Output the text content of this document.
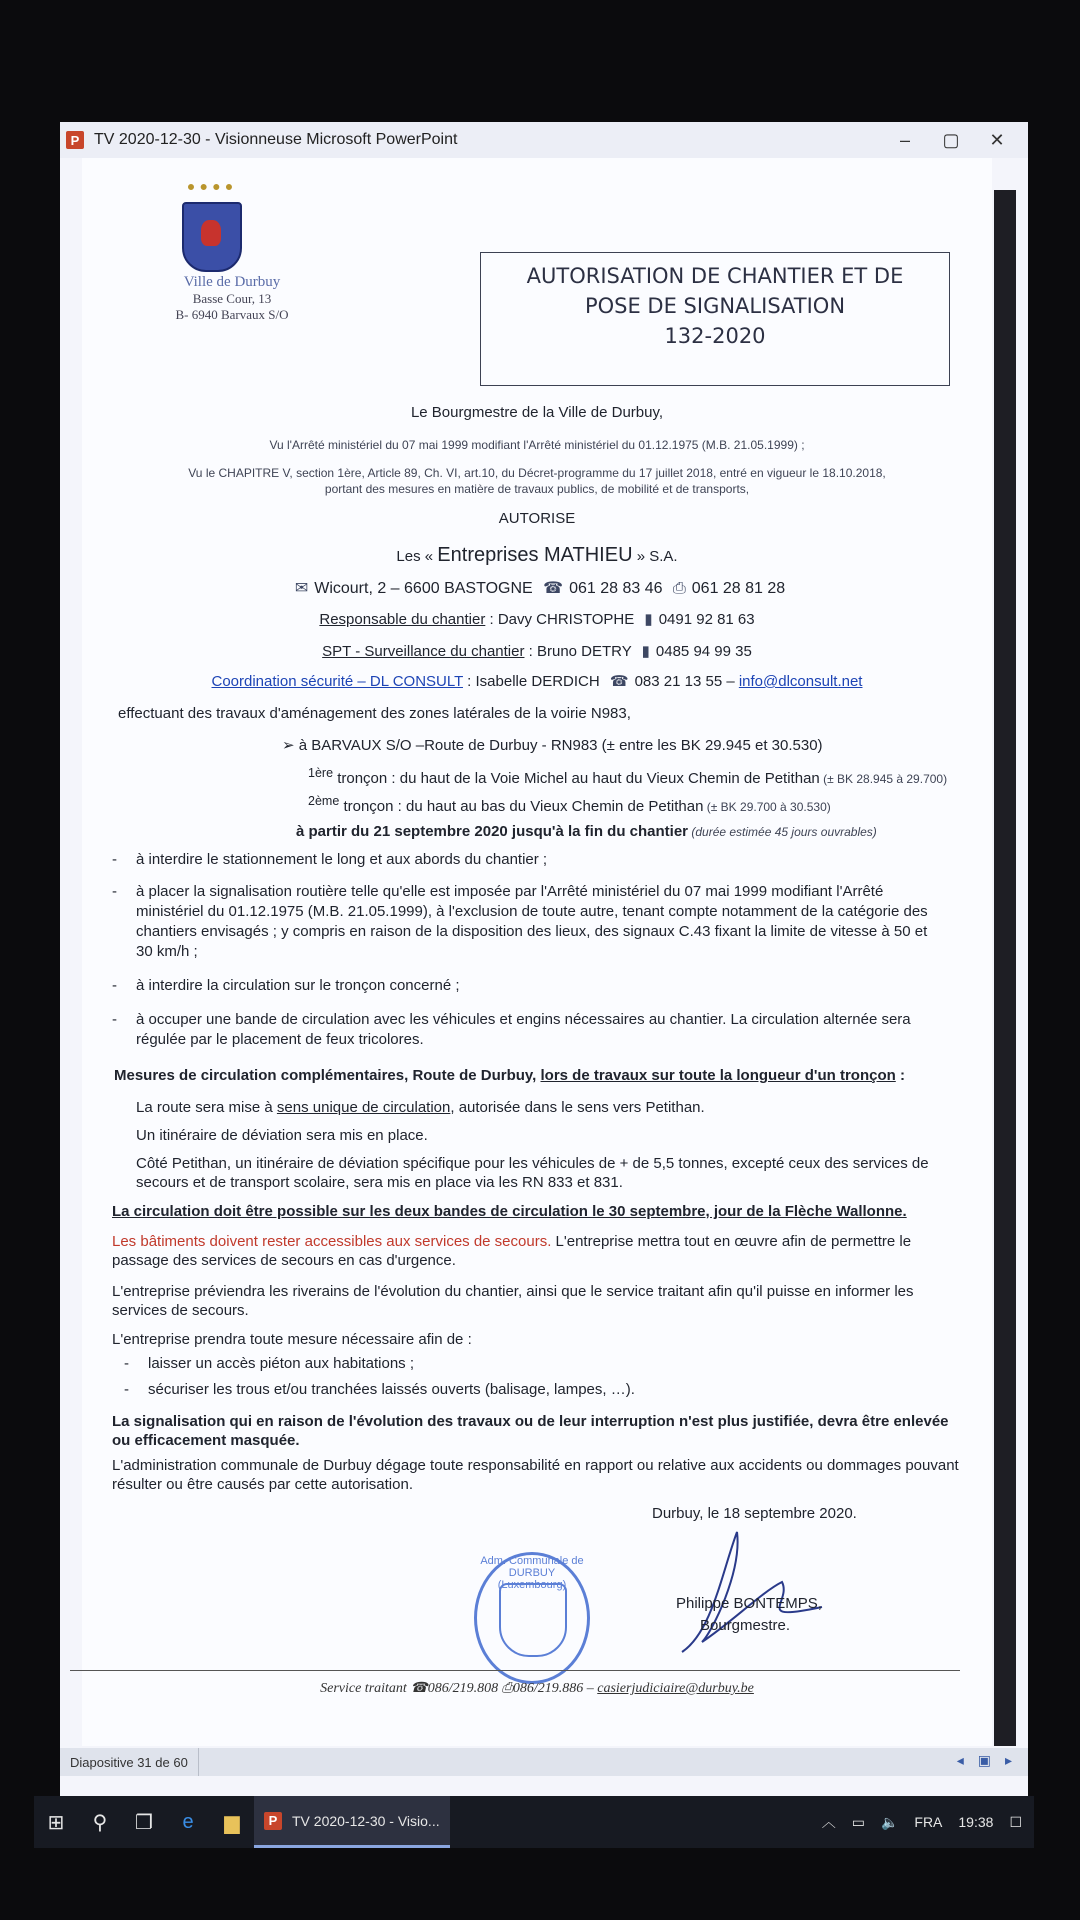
P TV 2020-12-30 - Visionneuse Microsoft PowerPoint	–	▢	✕
Ville de Durbuy
Basse Cour, 13
B- 6940 Barvaux S/O
AUTORISATION DE CHANTIER ET DE
POSE DE SIGNALISATION
132-2020
Le Bourgmestre de la Ville de Durbuy,
Vu l'Arrêté ministériel du 07 mai 1999 modifiant l'Arrêté ministériel du 01.12.1975 (M.B. 21.05.1999) ;
Vu le CHAPITRE V, section 1ère, Article 89, Ch. VI, art.10, du Décret-programme du 17 juillet 2018, entré en vigueur le 18.10.2018,
portant des mesures en matière de travaux publics, de mobilité et de transports,
AUTORISE
Les « Entreprises MATHIEU » S.A.
✉ Wicourt, 2 – 6600 BASTOGNE ☎ 061 28 83 46 ⎙ 061 28 81 28
Responsable du chantier : Davy CHRISTOPHE ▮ 0491 92 81 63
SPT - Surveillance du chantier : Bruno DETRY ▮ 0485 94 99 35
Coordination sécurité – DL CONSULT : Isabelle DERDICH ☎ 083 21 13 55 – info@dlconsult.net
effectuant des travaux d'aménagement des zones latérales de la voirie N983,
➢ à BARVAUX S/O –Route de Durbuy - RN983 (± entre les BK 29.945 et 30.530)
$^{1ère}$ tronçon : du haut de la Voie Michel au haut du Vieux Chemin de Petithan (± BK 28.945 à 29.700)
$^{2ème}$ tronçon : du haut au bas du Vieux Chemin de Petithan (± BK 29.700 à 30.530)
à partir du 21 septembre 2020 jusqu'à la fin du chantier (durée estimée 45 jours ouvrables)
- à interdire le stationnement le long et aux abords du chantier ;
- à placer la signalisation routière telle qu'elle est imposée par l'Arrêté ministériel du 07 mai 1999 modifiant l'Arrêté ministériel du 01.12.1975 (M.B. 21.05.1999), à l'exclusion de toute autre, tenant compte notamment de la catégorie des chantiers envisagés ; y compris en raison de la disposition des lieux, des signaux C.43 fixant la limite de vitesse à 50 et 30 km/h ;
- à interdire la circulation sur le tronçon concerné ;
- à occuper une bande de circulation avec les véhicules et engins nécessaires au chantier. La circulation alternée sera régulée par le placement de feux tricolores.
Mesures de circulation complémentaires, Route de Durbuy, lors de travaux sur toute la longueur d'un tronçon :
La route sera mise à sens unique de circulation, autorisée dans le sens vers Petithan.
Un itinéraire de déviation sera mis en place.
Côté Petithan, un itinéraire de déviation spécifique pour les véhicules de + de 5,5 tonnes, excepté ceux des services de secours et de transport scolaire, sera mis en place via les RN 833 et 831.
La circulation doit être possible sur les deux bandes de circulation le 30 septembre, jour de la Flèche Wallonne.
Les bâtiments doivent rester accessibles aux services de secours. L'entreprise mettra tout en œuvre afin de permettre le passage des services de secours en cas d'urgence.
L'entreprise préviendra les riverains de l'évolution du chantier, ainsi que le service traitant afin qu'il puisse en informer les services de secours.
L'entreprise prendra toute mesure nécessaire afin de :
- laisser un accès piéton aux habitations ;
- sécuriser les trous et/ou tranchées laissés ouverts (balisage, lampes, …).
La signalisation qui en raison de l'évolution des travaux ou de leur interruption n'est plus justifiée, devra être enlevée ou efficacement masquée.
L'administration communale de Durbuy dégage toute responsabilité en rapport ou relative aux accidents ou dommages pouvant résulter ou être causés par cette autorisation.
Durbuy, le 18 septembre 2020.
Adm. Communale de DURBUY (Luxembourg)
Philippe BONTEMPS,
Bourgmestre.
Service traitant ☎086/219.808 ⎙086/219.886 – casierjudiciaire@durbuy.be
Diapositive 31 de 60	◂ ▣ ▸
⊞	⚲	❐	e	▆	P	TV 2020-12-30 - Visio...	︿ ▭ 🔈 FRA 19:38 ☐
